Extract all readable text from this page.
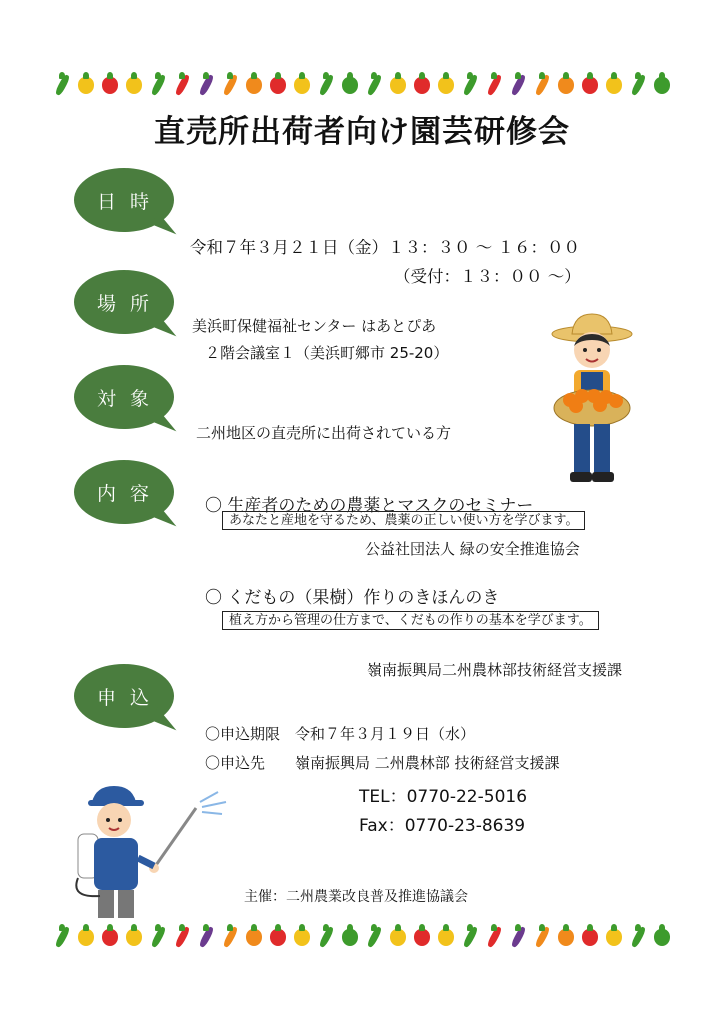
直売所出荷者向け園芸研修会
日時
令和７年３月２１日（金）１３：３０ ～ １６：００
（受付：１３：００ ～）
場所
美浜町保健福祉センター はあとぴあ
２階会議室１（美浜町郷市 25-20）
対象
二州地区の直売所に出荷されている方
内容
〇 生産者のための農薬とマスクのセミナー
あなたと産地を守るため、農薬の正しい使い方を学びます。
公益社団法人 緑の安全推進協会
〇 くだもの（果樹）作りのきほんのき
植え方から管理の仕方まで、くだもの作りの基本を学びます。
嶺南振興局二州農林部技術経営支援課
申込
〇申込期限　令和７年３月１９日（水）
〇申込先　　嶺南振興局 二州農林部 技術経営支援課
TEL：0770-22-5016
Fax：0770-23-8639
主催：二州農業改良普及推進協議会
